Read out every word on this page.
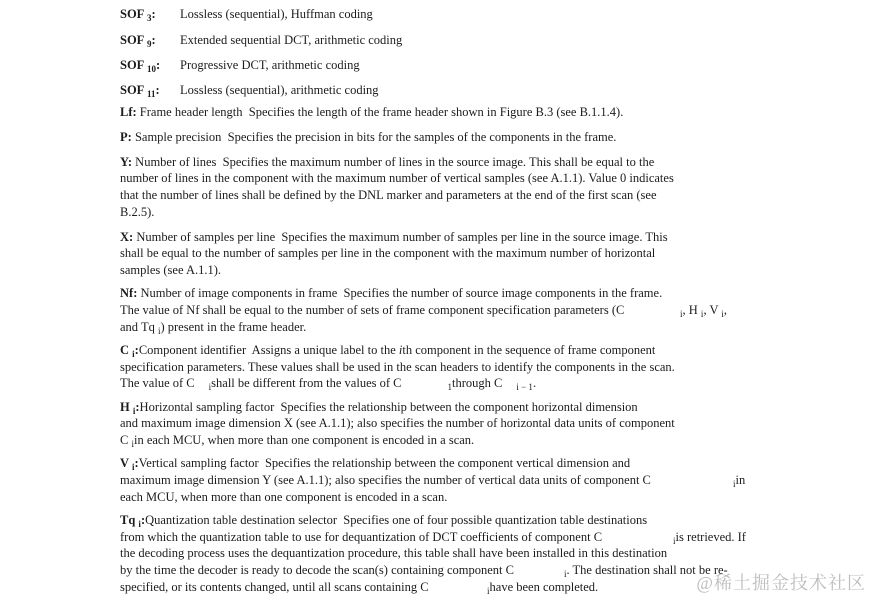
SOF $_3$: Lossless (sequential), Huffman coding
SOF $_9$: Extended sequential DCT, arithmetic coding
SOF $_{10}$: Progressive DCT, arithmetic coding
SOF $_{11}$: Lossless (sequential), arithmetic coding
Lf: Frame header length  Specifies the length of the frame header shown in Figure B.3 (see B.1.1.4).
P: Sample precision  Specifies the precision in bits for the samples of the components in the frame.
Y: Number of lines  Specifies the maximum number of lines in the source image. This shall be equal to the
number of lines in the component with the maximum number of vertical samples (see A.1.1). Value 0 indicates
that the number of lines shall be defined by the DNL marker and parameters at the end of the first scan (see
B.2.5).
X: Number of samples per line  Specifies the maximum number of samples per line in the source image. This
shall be equal to the number of samples per line in the component with the maximum number of horizontal
samples (see A.1.1).
Nf: Number of image components in frame  Specifies the number of source image components in the frame.
The value of Nf shall be equal to the number of sets of frame component specification parameters (C	$_i$, H $_i$, V $_i$,
and Tq $_i$) present in the frame header.
C $_i$:Component identifier  Assigns a unique label to the ith component in the sequence of frame component
specification parameters. These values shall be used in the scan headers to identify the components in the scan.
The value of C $_i$shall be different from the values of C	$_1$through C $_{i - 1}$.
H $_i$:Horizontal sampling factor  Specifies the relationship between the component horizontal dimension
and maximum image dimension X (see A.1.1); also specifies the number of horizontal data units of component
C $_i$in each MCU, when more than one component is encoded in a scan.
V $_i$:Vertical sampling factor  Specifies the relationship between the component vertical dimension and
maximum image dimension Y (see A.1.1); also specifies the number of vertical data units of component C	$_i$in
each MCU, when more than one component is encoded in a scan.
Tq $_i$:Quantization table destination selector  Specifies one of four possible quantization table destinations
from which the quantization table to use for dequantization of DCT coefficients of component C	$_i$is retrieved. If
the decoding process uses the dequantization procedure, this table shall have been installed in this destination
by the time the decoder is ready to decode the scan(s) containing component C	$_i$. The destination shall not be re-
specified, or its contents changed, until all scans containing C	$_i$have been completed.	@稀土掘金技术社区
